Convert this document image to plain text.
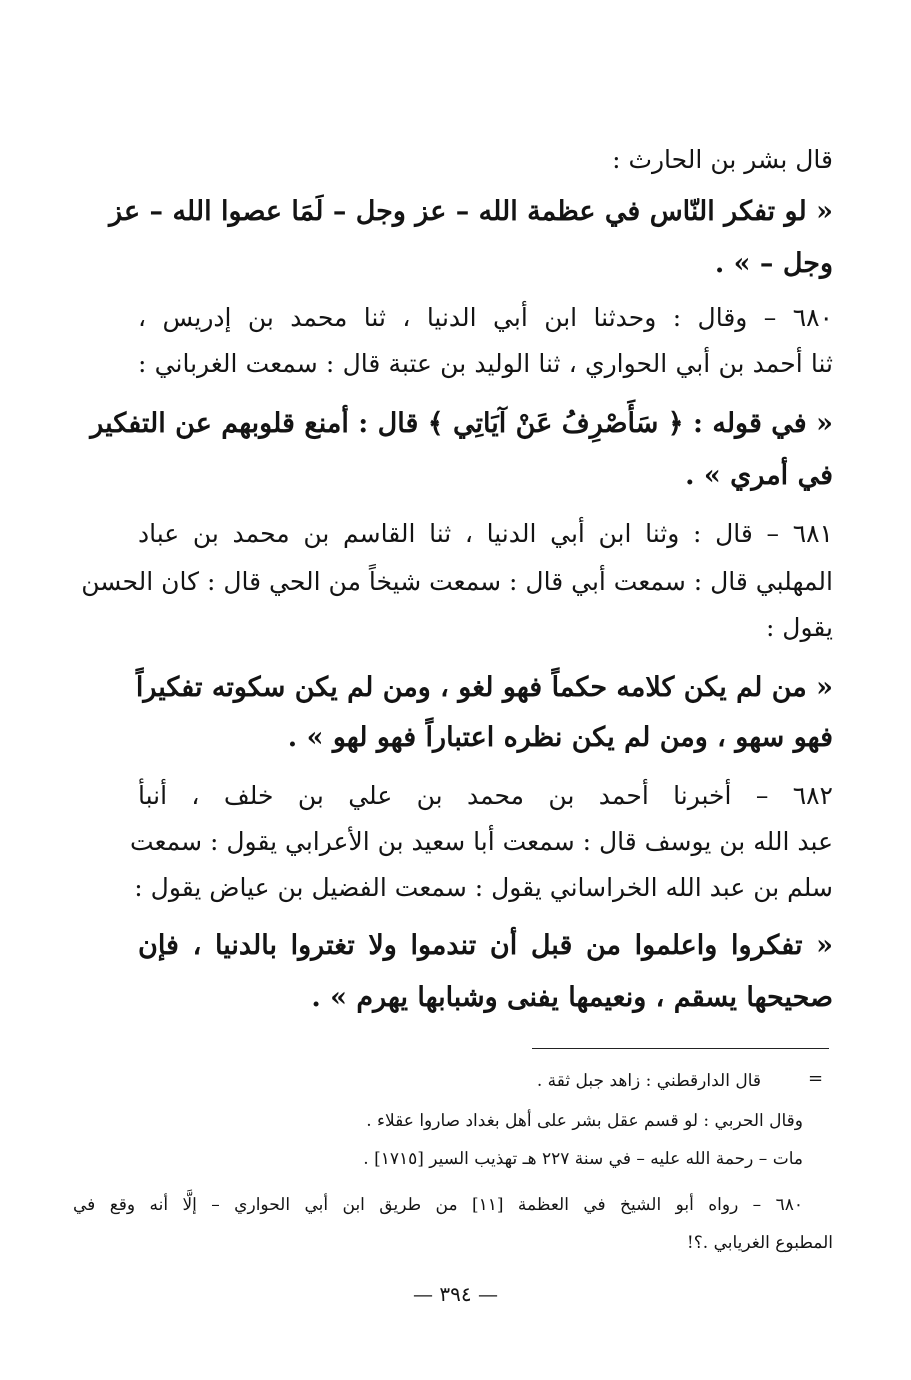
قال بشر بن الحارث :
« لو تفكر النّاس في عظمة الله – عز وجل – لَمَا عصوا الله – عز
وجل – » .
٦٨٠ – وقال : وحدثنا ابن أبي الدنيا ، ثنا محمد بن إدريس ،
ثنا أحمد بن أبي الحواري ، ثنا الوليد بن عتبة قال : سمعت الغرباني :
« في قوله : ﴿ سَأَصْرِفُ عَنْ آيَاتِي ﴾ قال : أمنع قلوبهم عن التفكير
في أمري » .
٦٨١ – قال : وثنا ابن أبي الدنيا ، ثنا القاسم بن محمد بن عباد
المهلبي قال : سمعت أبي قال : سمعت شيخاً من الحي قال : كان الحسن
يقول :
« من لم يكن كلامه حكماً فهو لغو ، ومن لم يكن سكوته تفكيراً
فهو سهو ، ومن لم يكن نظره اعتباراً فهو لهو » .
٦٨٢ – أخبرنا أحمد بن محمد بن علي بن خلف ، أنبأ
عبد الله بن يوسف قال : سمعت أبا سعيد بن الأعرابي يقول : سمعت
سلم بن عبد الله الخراساني يقول : سمعت الفضيل بن عياض يقول :
« تفكروا واعلموا من قبل أن تندموا ولا تغتروا بالدنيا ، فإن
صحيحها يسقم ، ونعيمها يفنى وشبابها يهرم » .
=
قال الدارقطني : زاهد جبل ثقة .
وقال الحربي : لو قسم عقل بشر على أهل بغداد صاروا عقلاء .
مات – رحمة الله عليه – في سنة ٢٢٧ هـ تهذيب السير [١٧١٥] .
٦٨٠ – رواه أبو الشيخ في العظمة [١١] من طريق ابن أبي الحواري – إلَّا أنه وقع في
المطبوع الغريابي .؟!
— ٣٩٤ —
